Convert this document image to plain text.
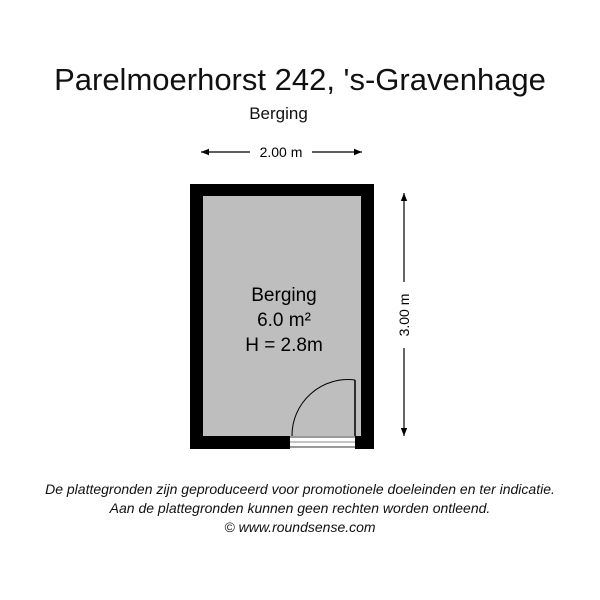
Parelmoerhorst 242, 's-Gravenhage
Berging
2.00 m
3.00 m
Berging
6.0 m²
H = 2.8m
De plattegronden zijn geproduceerd voor promotionele doeleinden en ter indicatie.
Aan de plattegronden kunnen geen rechten worden ontleend.
© www.roundsense.com
